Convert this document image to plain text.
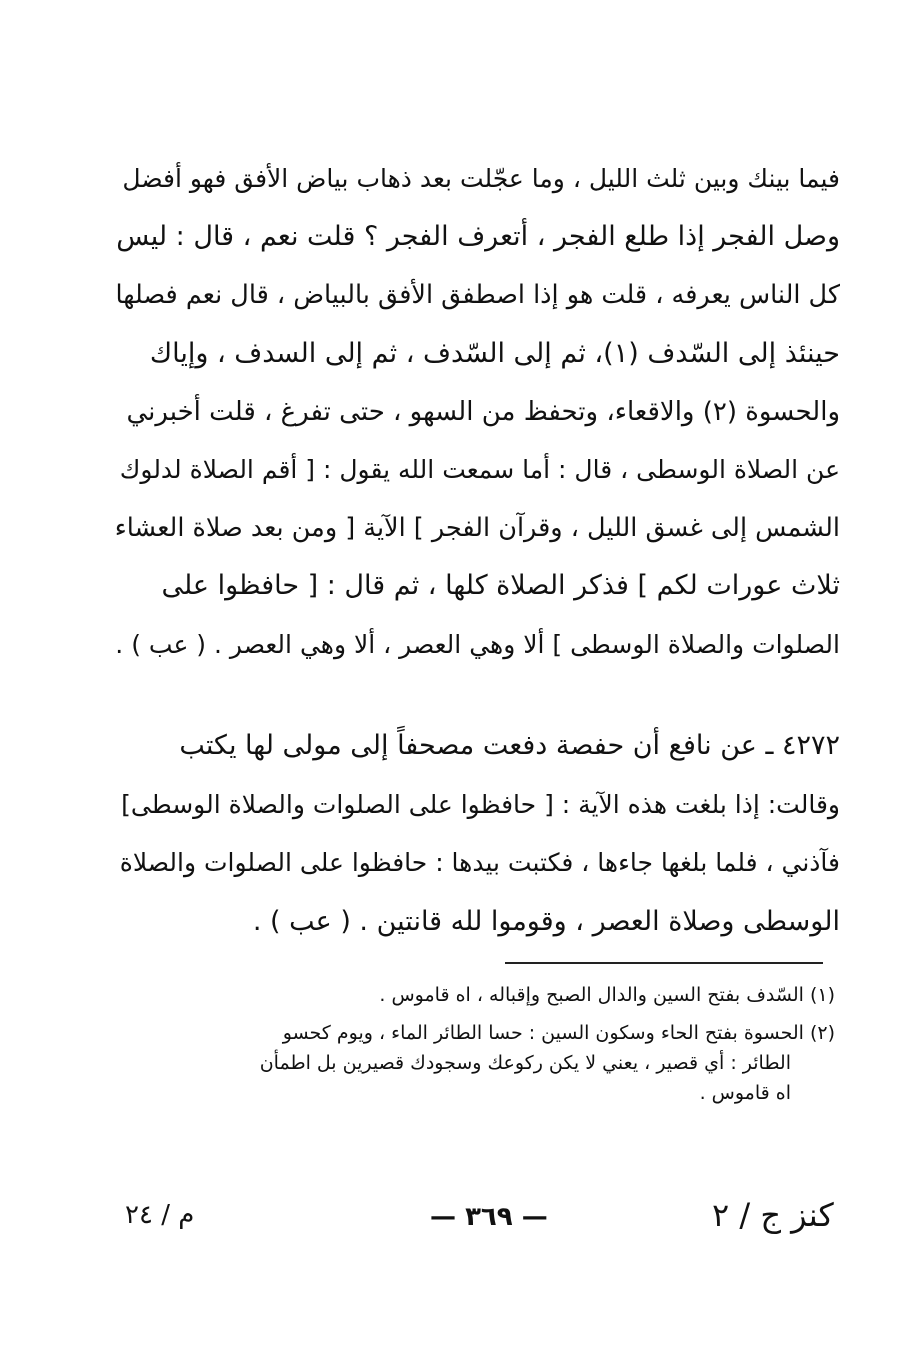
فيما بينك وبين ثلث الليل ، وما عجّلت بعد ذهاب بياض الأفق فهو أفضل
وصل الفجر إذا طلع الفجر ، أتعرف الفجر ؟ قلت نعم ، قال : ليس
كل الناس يعرفه ، قلت هو إذا اصطفق الأفق بالبياض ، قال نعم فصلها
حينئذ إلى السّدف (١)، ثم إلى السّدف ، ثم إلى السدف ، وإياك
والحسوة (٢) والاقعاء، وتحفظ من السهو ، حتى تفرغ ، قلت أخبرني
عن الصلاة الوسطى ، قال : أما سمعت الله يقول : [ أقم الصلاة لدلوك
الشمس إلى غسق الليل ، وقرآن الفجر ] الآية [ ومن بعد صلاة العشاء
ثلاث عورات لكم ] فذكر الصلاة كلها ، ثم قال : [ حافظوا على
الصلوات والصلاة الوسطى ] ألا وهي العصر ، ألا وهي العصر . ( عب ) .
٤٢٧٢ ـ عن نافع أن حفصة دفعت مصحفاً إلى مولى لها يكتب
وقالت: إذا بلغت هذه الآية : [ حافظوا على الصلوات والصلاة الوسطى]
فآذني ، فلما بلغها جاءها ، فكتبت بيدها : حافظوا على الصلوات والصلاة
الوسطى وصلاة العصر ، وقوموا لله قانتين . ( عب ) .
(١) السّدف بفتح السين والدال الصبح وإقباله ، اه قاموس .
(٢) الحسوة بفتح الحاء وسكون السين : حسا الطائر الماء ، ويوم كحسو
الطائر : أي قصير ، يعني لا يكن ركوعك وسجودك قصيرين بل اطمأن
اه قاموس .
م / ٢٤	— ٣٦٩ —	كنز ج / ٢
